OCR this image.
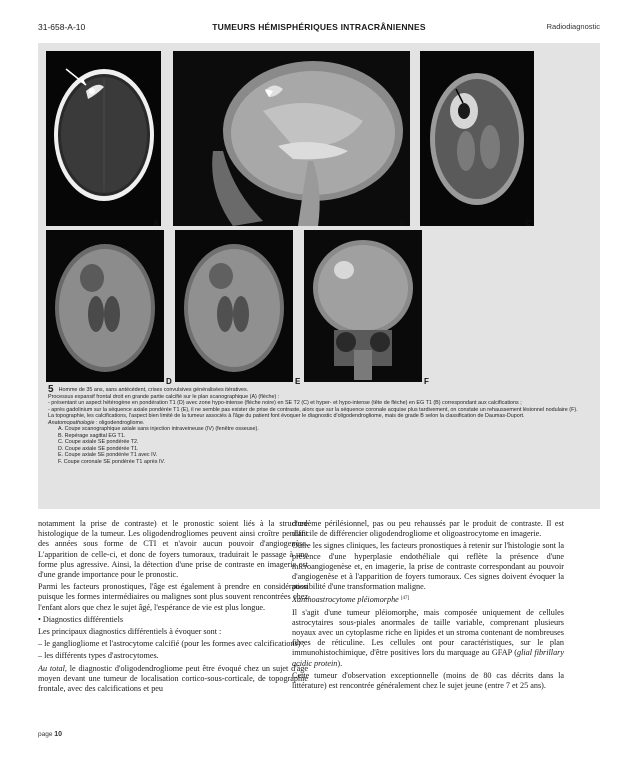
31-658-A-10	TUMEURS HÉMISPHÉRIQUES INTRACRÂNIENNES	Radiodiagnostic
A	B	C
D	E	F

5 Homme de 35 ans, sans antécédent, crises convulsives généralisées itératives.

Processus expansif frontal droit en grande partie calcifié sur le plan scanographique (A) (flèche) :

- présentant un aspect hétérogène en pondération T1 (D) avec zone hypo-intense (flèche noire) en SE T2 (C) et hyper- et hypo-intense (tête de flèche) en EG T1 (B) correspondant aux calcifications ;

- après gadolinium sur la séquence axiale pondérée T1 (E), il ne semble pas exister de prise de contraste, alors que sur la séquence coronale acquise plus tardivement, on constate un rehaussement lésionnel nodulaire (F).

La topographie, les calcifications, l'aspect bien limité de la tumeur associés à l'âge du patient font évoquer le diagnostic d'oligodendrogliome, mais de grade B selon la classification de Daumas-Duport.

Anatomopathologie : oligodendrogliome.

A. Coupe scanographique axiale sans injection intraveineuse (IV) (fenêtre osseuse).
B. Repérage sagittal EG T1.
C. Coupe axiale SE pondérée T2.
D. Coupe axiale SE pondérée T1.
E. Coupe axiale SE pondérée T1 avec IV.
F. Coupe coronale SE pondérée T1 après IV.

notamment la prise de contraste) et le pronostic soient liés à la structure histologique de la tumeur. Les oligodendrogliomes peuvent ainsi croître pendant des années sous forme de CTI et n'avoir aucun pouvoir d'angiogenèse. L'apparition de celle-ci, et donc de foyers tumoraux, traduirait le passage à une forme plus agressive. Ainsi, la détection d'une prise de contraste en imagerie est d'une grande importance pour le pronostic.

Parmi les facteurs pronostiques, l'âge est également à prendre en considération puisque les formes intermédiaires ou malignes sont plus souvent rencontrées chez l'enfant alors que chez le sujet âgé, l'espérance de vie est plus longue.

• Diagnostics différentiels

Les principaux diagnostics différentiels à évoquer sont :

– le gangliogliome et l'astrocytome calcifié (pour les formes avec calcifications) ;

– les différents types d'astrocytomes.

Au total, le diagnostic d'oligodendrogliome peut être évoqué chez un sujet d'âge moyen devant une tumeur de localisation cortico-sous-corticale, de topographie frontale, avec des calcifications et peu

d'œdème périlésionnel, pas ou peu rehaussés par le produit de contraste. Il est difficile de différencier oligodendrogliome et oligoastrocytome en imagerie.

Outre les signes cliniques, les facteurs pronostiques à retenir sur l'histologie sont la présence d'une hyperplasie endothéliale qui reflète la présence d'une microangiogenèse et, en imagerie, la prise de contraste correspondant au pouvoir d'angiogenèse et à l'apparition de foyers tumoraux. Ces signes doivent évoquer la possibilité d'une transformation maligne.

Xanthoastrocytome pléiomorphe [47]

Il s'agit d'une tumeur pléiomorphe, mais composée uniquement de cellules astrocytaires sous-piales anormales de taille variable, comprenant plusieurs noyaux avec un cytoplasme riche en lipides et un stroma contenant de nombreuses fibres de réticuline. Les cellules ont pour caractéristiques, sur le plan immunohistochimique, d'être positives lors du marquage au GFAP (glial fibrillary acidic protein).

Cette tumeur d'observation exceptionnelle (moins de 80 cas décrits dans la littérature) est rencontrée généralement chez le sujet jeune (entre 7 et 25 ans).

page 10
